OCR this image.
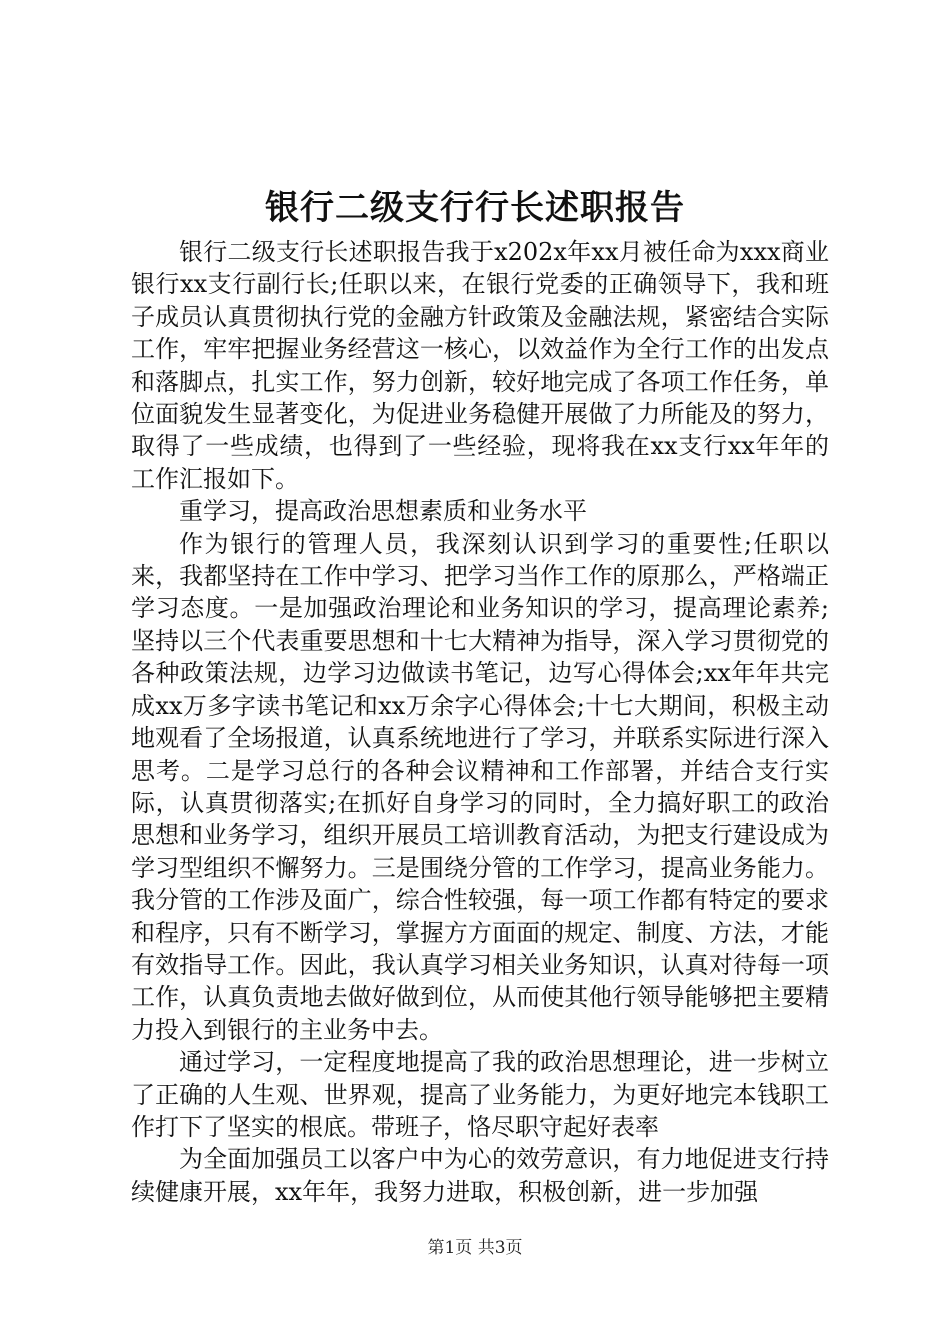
银行二级支行行长述职报告

银行二级支行长述职报告我于x202x年xx月被任命为xxx商业银行xx支行副行长;任职以来，在银行党委的正确领导下，我和班子成员认真贯彻执行党的金融方针政策及金融法规，紧密结合实际工作，牢牢把握业务经营这一核心，以效益作为全行工作的出发点和落脚点，扎实工作，努力创新，较好地完成了各项工作任务，单位面貌发生显著变化，为促进业务稳健开展做了力所能及的努力，取得了一些成绩，也得到了一些经验，现将我在xx支行xx年年的工作汇报如下。

重学习，提高政治思想素质和业务水平

作为银行的管理人员，我深刻认识到学习的重要性;任职以来，我都坚持在工作中学习、把学习当作工作的原那么，严格端正学习态度。一是加强政治理论和业务知识的学习，提高理论素养;坚持以三个代表重要思想和十七大精神为指导，深入学习贯彻党的各种政策法规，边学习边做读书笔记，边写心得体会;xx年年共完成xx万多字读书笔记和xx万余字心得体会;十七大期间，积极主动地观看了全场报道，认真系统地进行了学习，并联系实际进行深入思考。二是学习总行的各种会议精神和工作部署，并结合支行实际，认真贯彻落实;在抓好自身学习的同时，全力搞好职工的政治思想和业务学习，组织开展员工培训教育活动，为把支行建设成为学习型组织不懈努力。三是围绕分管的工作学习，提高业务能力。我分管的工作涉及面广，综合性较强，每一项工作都有特定的要求和程序，只有不断学习，掌握方方面面的规定、制度、方法，才能有效指导工作。因此，我认真学习相关业务知识，认真对待每一项工作，认真负责地去做好做到位，从而使其他行领导能够把主要精力投入到银行的主业务中去。

通过学习，一定程度地提高了我的政治思想理论，进一步树立了正确的人生观、世界观，提高了业务能力，为更好地完本钱职工作打下了坚实的根底。带班子，恪尽职守起好表率

为全面加强员工以客户中为心的效劳意识，有力地促进支行持续健康开展，xx年年，我努力进取，积极创新，进一步加强

第1页 共3页
